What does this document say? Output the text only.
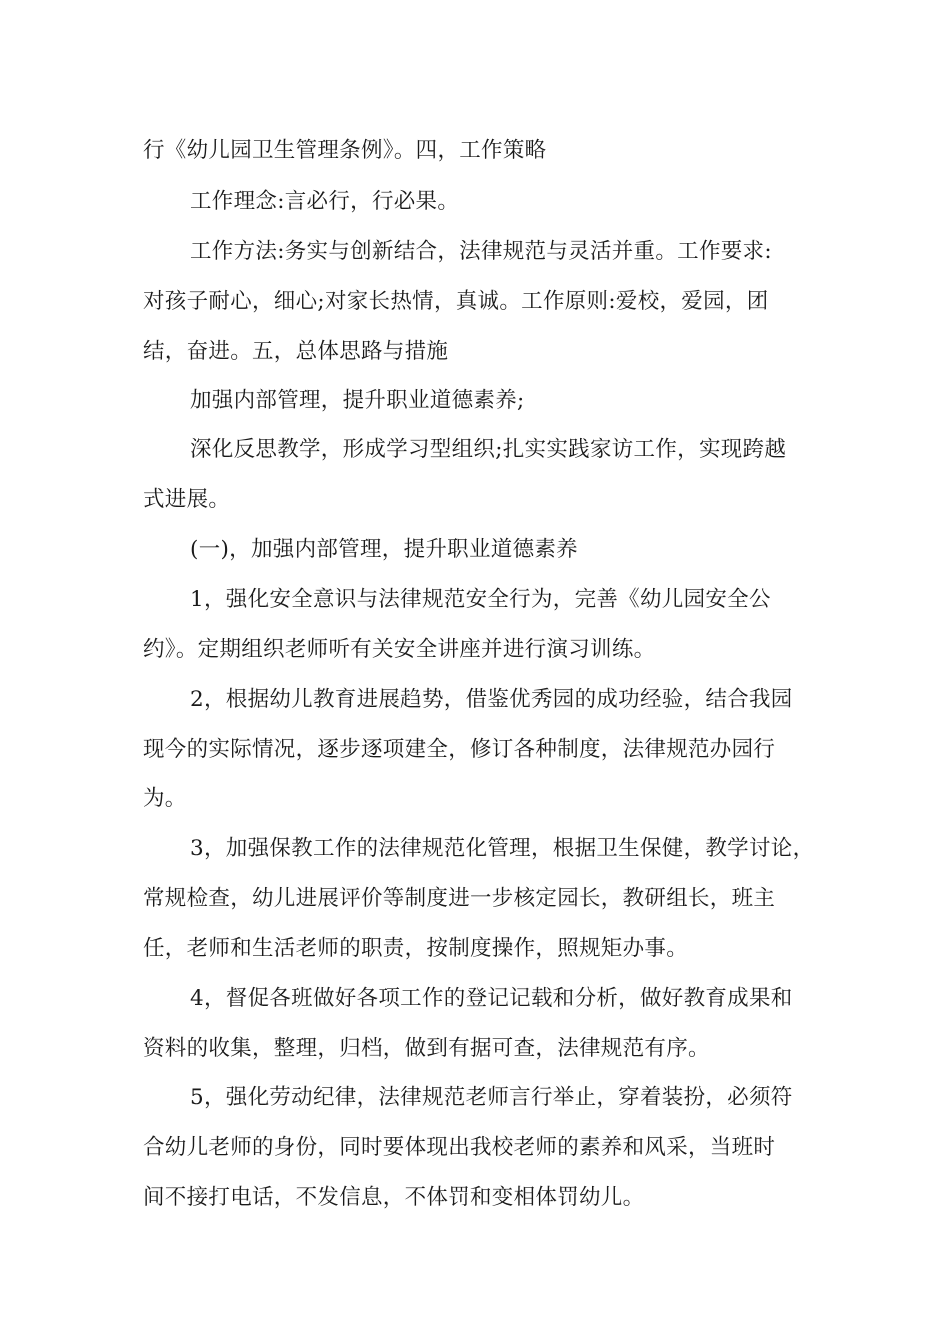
行《幼儿园卫生管理条例》。四，工作策略
工作理念:言必行，行必果。
工作方法:务实与创新结合，法律规范与灵活并重。工作要求:
对孩子耐心，细心;对家长热情，真诚。工作原则:爱校，爱园，团
结，奋进。五，总体思路与措施
加强内部管理，提升职业道德素养;
深化反思教学，形成学习型组织;扎实实践家访工作，实现跨越
式进展。
(一)，加强内部管理，提升职业道德素养
1，强化安全意识与法律规范安全行为，完善《幼儿园安全公
约》。定期组织老师听有关安全讲座并进行演习训练。
2，根据幼儿教育进展趋势，借鉴优秀园的成功经验，结合我园
现今的实际情况，逐步逐项建全，修订各种制度，法律规范办园行
为。
3，加强保教工作的法律规范化管理，根据卫生保健，教学讨论，
常规检查，幼儿进展评价等制度进一步核定园长，教研组长，班主
任，老师和生活老师的职责，按制度操作，照规矩办事。
4，督促各班做好各项工作的登记记载和分析，做好教育成果和
资料的收集，整理，归档，做到有据可查，法律规范有序。
5，强化劳动纪律，法律规范老师言行举止，穿着装扮，必须符
合幼儿老师的身份，同时要体现出我校老师的素养和风采，当班时
间不接打电话，不发信息，不体罚和变相体罚幼儿。
